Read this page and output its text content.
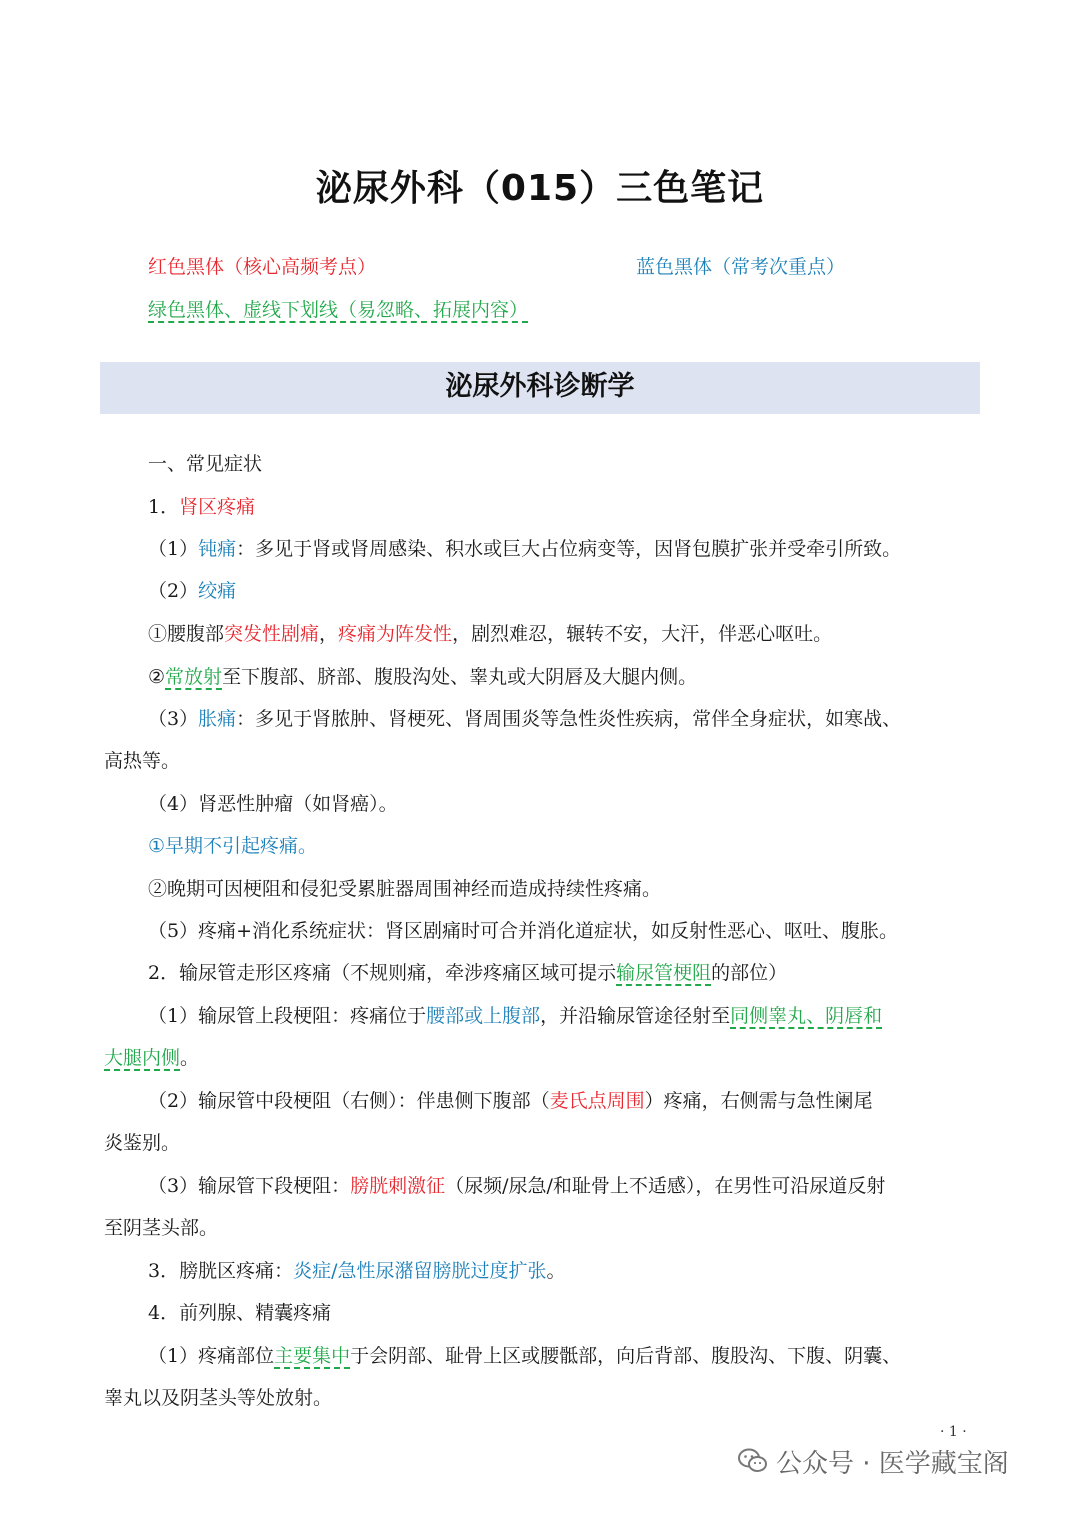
泌尿外科（015）三色笔记
红色黑体（核心高频考点）	蓝色黑体（常考次重点）
绿色黑体、虚线下划线（易忽略、拓展内容）
泌尿外科诊断学
一、常见症状
1．肾区疼痛
（1）钝痛：多见于肾或肾周感染、积水或巨大占位病变等，因肾包膜扩张并受牵引所致。
（2）绞痛
①腰腹部突发性剧痛，疼痛为阵发性，剧烈难忍，辗转不安，大汗，伴恶心呕吐。
②常放射至下腹部、脐部、腹股沟处、睾丸或大阴唇及大腿内侧。
（3）胀痛：多见于肾脓肿、肾梗死、肾周围炎等急性炎性疾病，常伴全身症状，如寒战、
高热等。
（4）肾恶性肿瘤（如肾癌）。
①早期不引起疼痛。
②晚期可因梗阻和侵犯受累脏器周围神经而造成持续性疼痛。
（5）疼痛+消化系统症状：肾区剧痛时可合并消化道症状，如反射性恶心、呕吐、腹胀。
2．输尿管走形区疼痛（不规则痛，牵涉疼痛区域可提示输尿管梗阻的部位）
（1）输尿管上段梗阻：疼痛位于腰部或上腹部，并沿输尿管途径射至同侧睾丸、阴唇和
大腿内侧。
（2）输尿管中段梗阻（右侧）：伴患侧下腹部（麦氏点周围）疼痛，右侧需与急性阑尾
炎鉴别。
（3）输尿管下段梗阻：膀胱刺激征（尿频/尿急/和耻骨上不适感），在男性可沿尿道反射
至阴茎头部。
3．膀胱区疼痛：炎症/急性尿潴留膀胱过度扩张。
4．前列腺、精囊疼痛
（1）疼痛部位主要集中于会阴部、耻骨上区或腰骶部，向后背部、腹股沟、下腹、阴囊、
睾丸以及阴茎头等处放射。
· 1 ·
公众号 · 医学藏宝阁
